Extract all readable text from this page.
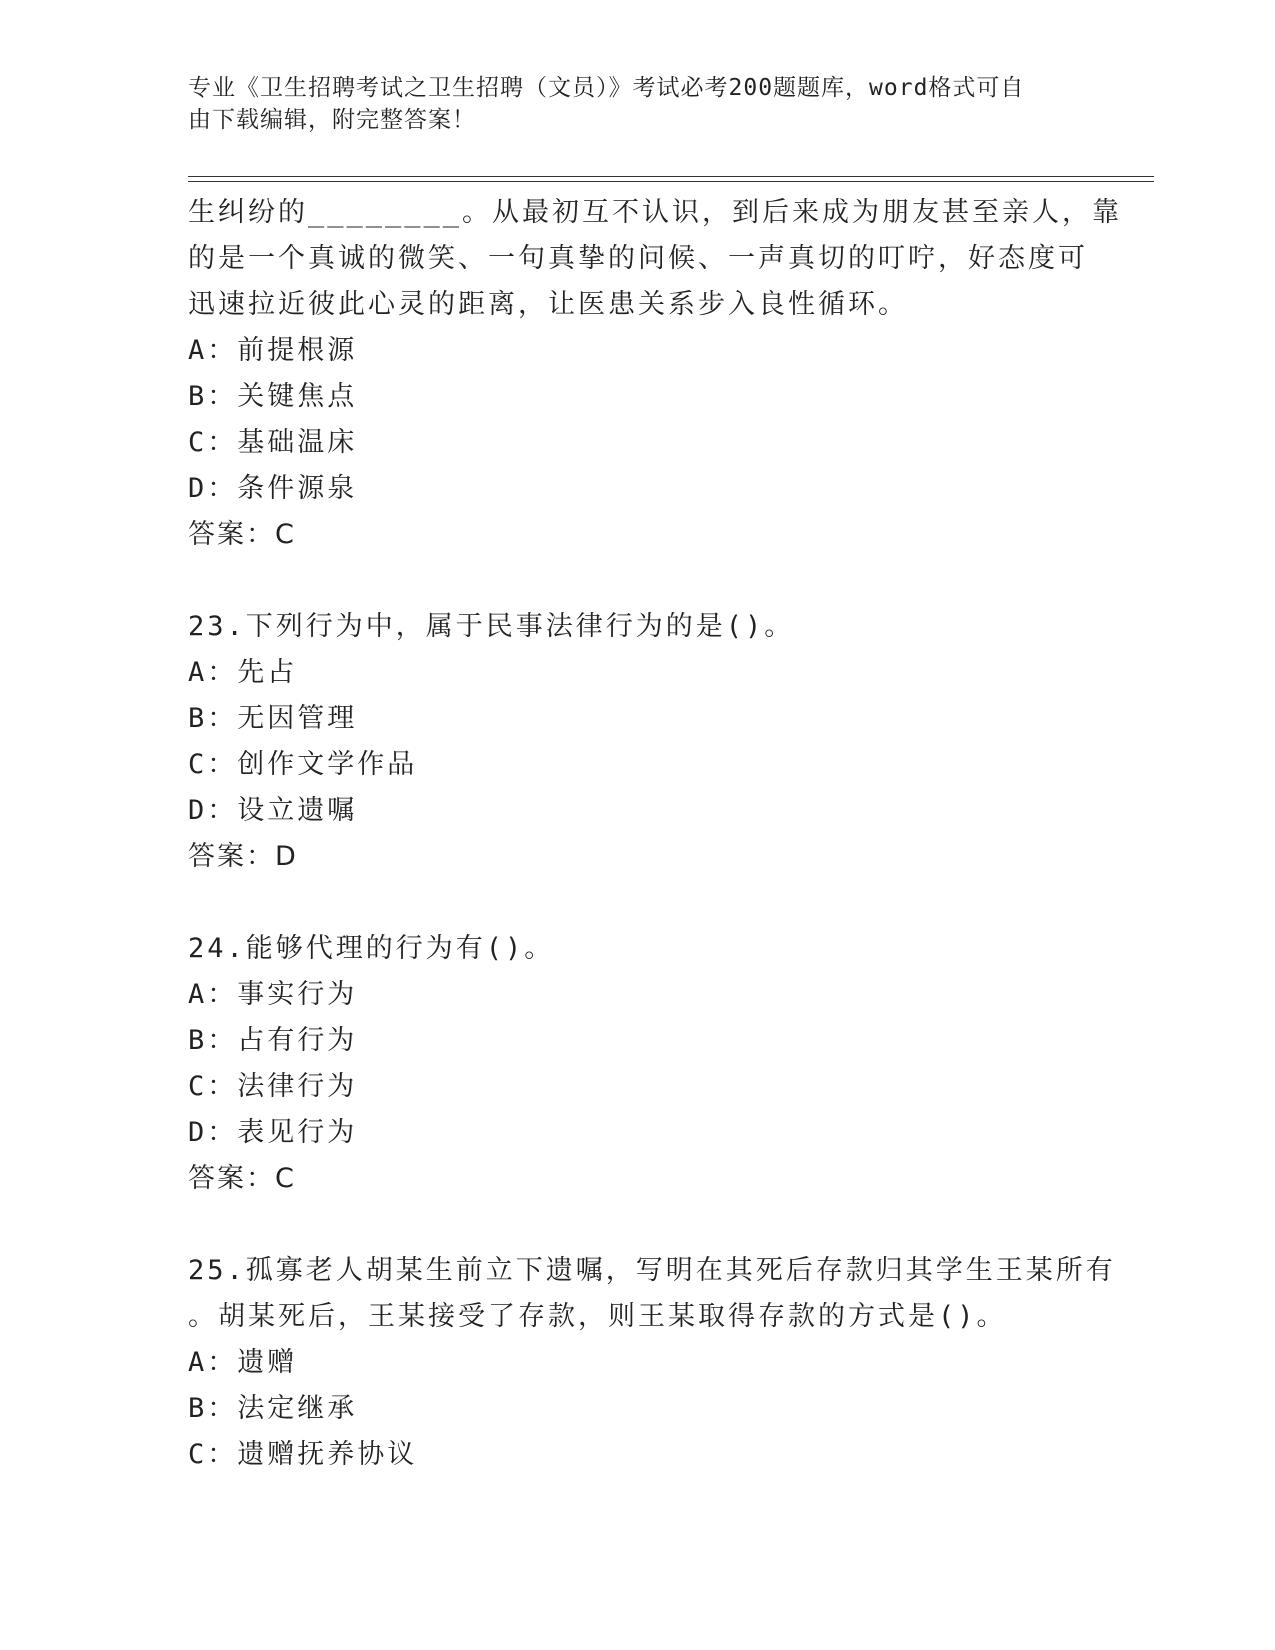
专业《卫生招聘考试之卫生招聘（文员）》考试必考200题题库，word格式可自
由下载编辑，附完整答案！
生纠纷的________。从最初互不认识，到后来成为朋友甚至亲人，靠
的是一个真诚的微笑、一句真挚的问候、一声真切的叮咛，好态度可
迅速拉近彼此心灵的距离，让医患关系步入良性循环。
A：前提根源
B：关键焦点
C：基础温床
D：条件源泉
答案：C
23.下列行为中，属于民事法律行为的是()。
A：先占
B：无因管理
C：创作文学作品
D：设立遗嘱
答案：D
24.能够代理的行为有()。
A：事实行为
B：占有行为
C：法律行为
D：表见行为
答案：C
25.孤寡老人胡某生前立下遗嘱，写明在其死后存款归其学生王某所有
。胡某死后，王某接受了存款，则王某取得存款的方式是()。
A：遗赠
B：法定继承
C：遗赠抚养协议
